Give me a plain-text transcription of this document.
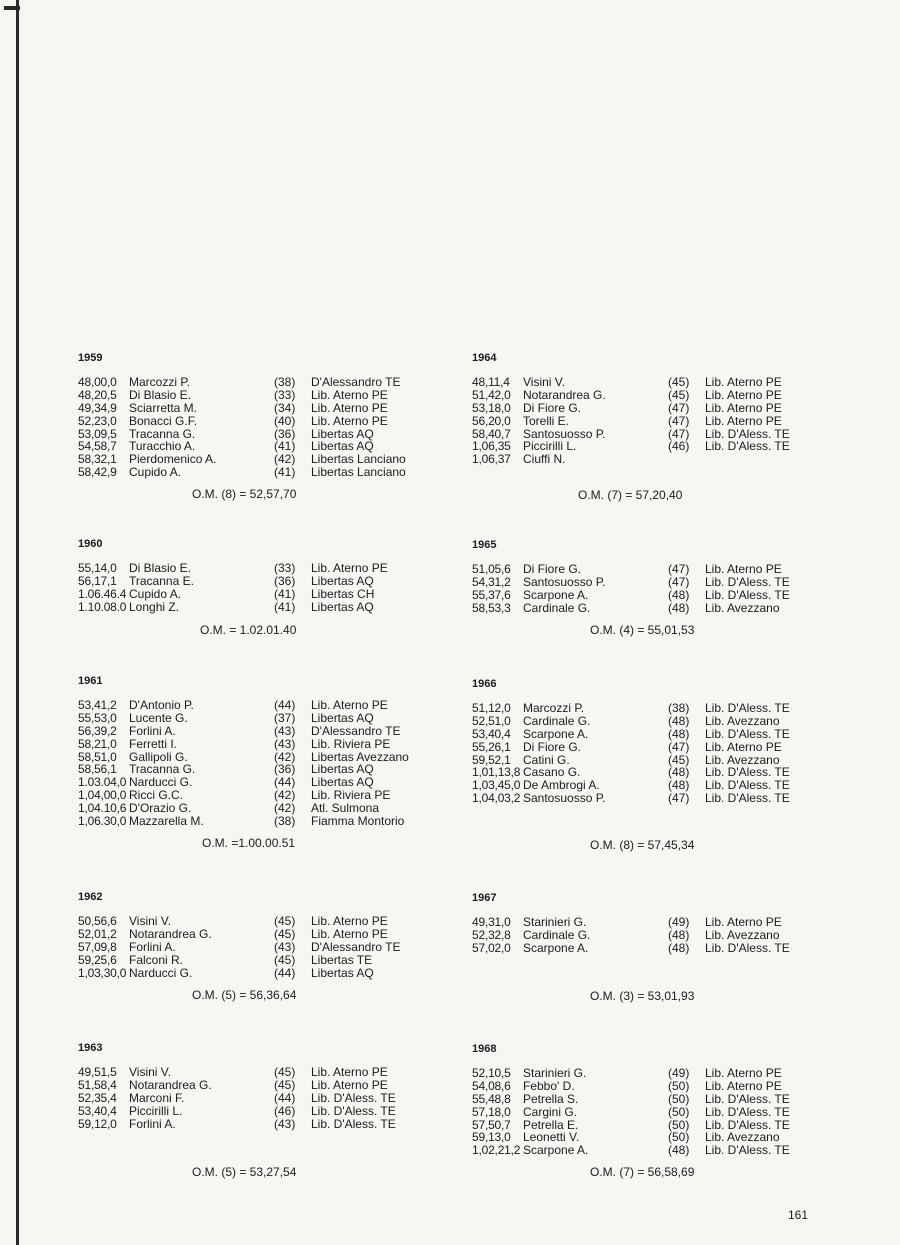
1959
48,00,0 Marcozzi P.	(38) D'Alessandro TE
48,20,5 Di Blasio E.	(33) Lib. Aterno PE
49,34,9 Sciarretta M.	(34) Lib. Aterno PE
52,23,0 Bonacci G.F.	(40) Lib. Aterno PE
53,09,5 Tracanna G.	(36) Libertas AQ
54,58,7 Turacchio A.	(41) Libertas AQ
58,32,1 Pierdomenico A.	(42) Libertas Lanciano
58,42,9 Cupido A.	(41) Libertas Lanciano
O.M. (8) = 52,57,70
1964
48,11,4 Visini V.	(45) Lib. Aterno PE
51,42,0 Notarandrea G.	(45) Lib. Aterno PE
53,18,0 Di Fiore G.	(47) Lib. Aterno PE
56,20,0 Torelli E.	(47) Lib. Aterno PE
58,40,7 Santosuosso P.	(47) Lib. D'Aless. TE
1,06,35 Piccirilli L.	(46) Lib. D'Aless. TE
1,06,37 Ciuffi N.
O.M. (7) = 57,20,40
1960
55,14,0 Di Blasio E.	(33) Lib. Aterno PE
56,17,1 Tracanna E.	(36) Libertas AQ
1.06.46.4 Cupido A.	(41) Libertas CH
1.10.08.0 Longhi Z.	(41) Libertas AQ
O.M. = 1.02.01.40
1965
51,05,6 Di Fiore G.	(47) Lib. Aterno PE
54,31,2 Santosuosso P.	(47) Lib. D'Aless. TE
55,37,6 Scarpone A.	(48) Lib. D'Aless. TE
58,53,3 Cardinale G.	(48) Lib. Avezzano
O.M. (4) = 55,01,53
1961
53,41,2 D'Antonio P.	(44) Lib. Aterno PE
55,53,0 Lucente G.	(37) Libertas AQ
56,39,2 Forlini A.	(43) D'Alessandro TE
58,21,0 Ferretti I.	(43) Lib. Riviera PE
58,51,0 Gallipoli G.	(42) Libertas Avezzano
58,56,1 Tracanna G.	(36) Libertas AQ
1.03.04,0 Narducci G.	(44) Libertas AQ
1,04,00,0 Ricci G.C.	(42) Lib. Riviera PE
1,04.10,6 D'Orazio G.	(42) Atl. Sulmona
1,06.30,0 Mazzarella M.	(38) Fiamma Montorio
O.M. =1.00.00.51
1966
51,12,0 Marcozzi P.	(38) Lib. D'Aless. TE
52,51,0 Cardinale G.	(48) Lib. Avezzano
53,40,4 Scarpone A.	(48) Lib. D'Aless. TE
55,26,1 Di Fiore G.	(47) Lib. Aterno PE
59,52,1 Catini G.	(45) Lib. Avezzano
1,01,13,8 Casano G.	(48) Lib. D'Aless. TE
1,03,45,0 De Ambrogi A.	(48) Lib. D'Aless. TE
1,04,03,2 Santosuosso P.	(47) Lib. D'Aless. TE
O.M. (8) = 57,45,34
1962
50,56,6 Visini V.	(45) Lib. Aterno PE
52,01,2 Notarandrea G.	(45) Lib. Aterno PE
57,09,8 Forlini A.	(43) D'Alessandro TE
59,25,6 Falconi R.	(45) Libertas TE
1,03,30,0 Narducci G.	(44) Libertas AQ
O.M. (5) = 56,36,64
1967
49,31,0 Starinieri G.	(49) Lib. Aterno PE
52,32,8 Cardinale G.	(48) Lib. Avezzano
57,02,0 Scarpone A.	(48) Lib. D'Aless. TE
O.M. (3) = 53,01,93
1963
49,51,5 Visini V.	(45) Lib. Aterno PE
51,58,4 Notarandrea G.	(45) Lib. Aterno PE
52,35,4 Marconi F.	(44) Lib. D'Aless. TE
53,40,4 Piccirilli L.	(46) Lib. D'Aless. TE
59,12,0 Forlini A.	(43) Lib. D'Aless. TE
O.M. (5) = 53,27,54
1968
52,10,5 Starinieri G.	(49) Lib. Aterno PE
54,08,6 Febbo' D.	(50) Lib. Aterno PE
55,48,8 Petrella S.	(50) Lib. D'Aless. TE
57,18,0 Cargini G.	(50) Lib. D'Aless. TE
57,50,7 Petrella E.	(50) Lib. D'Aless. TE
59,13,0 Leonetti V.	(50) Lib. Avezzano
1,02,21,2 Scarpone A.	(48) Lib. D'Aless. TE
O.M. (7) = 56,58,69
161
